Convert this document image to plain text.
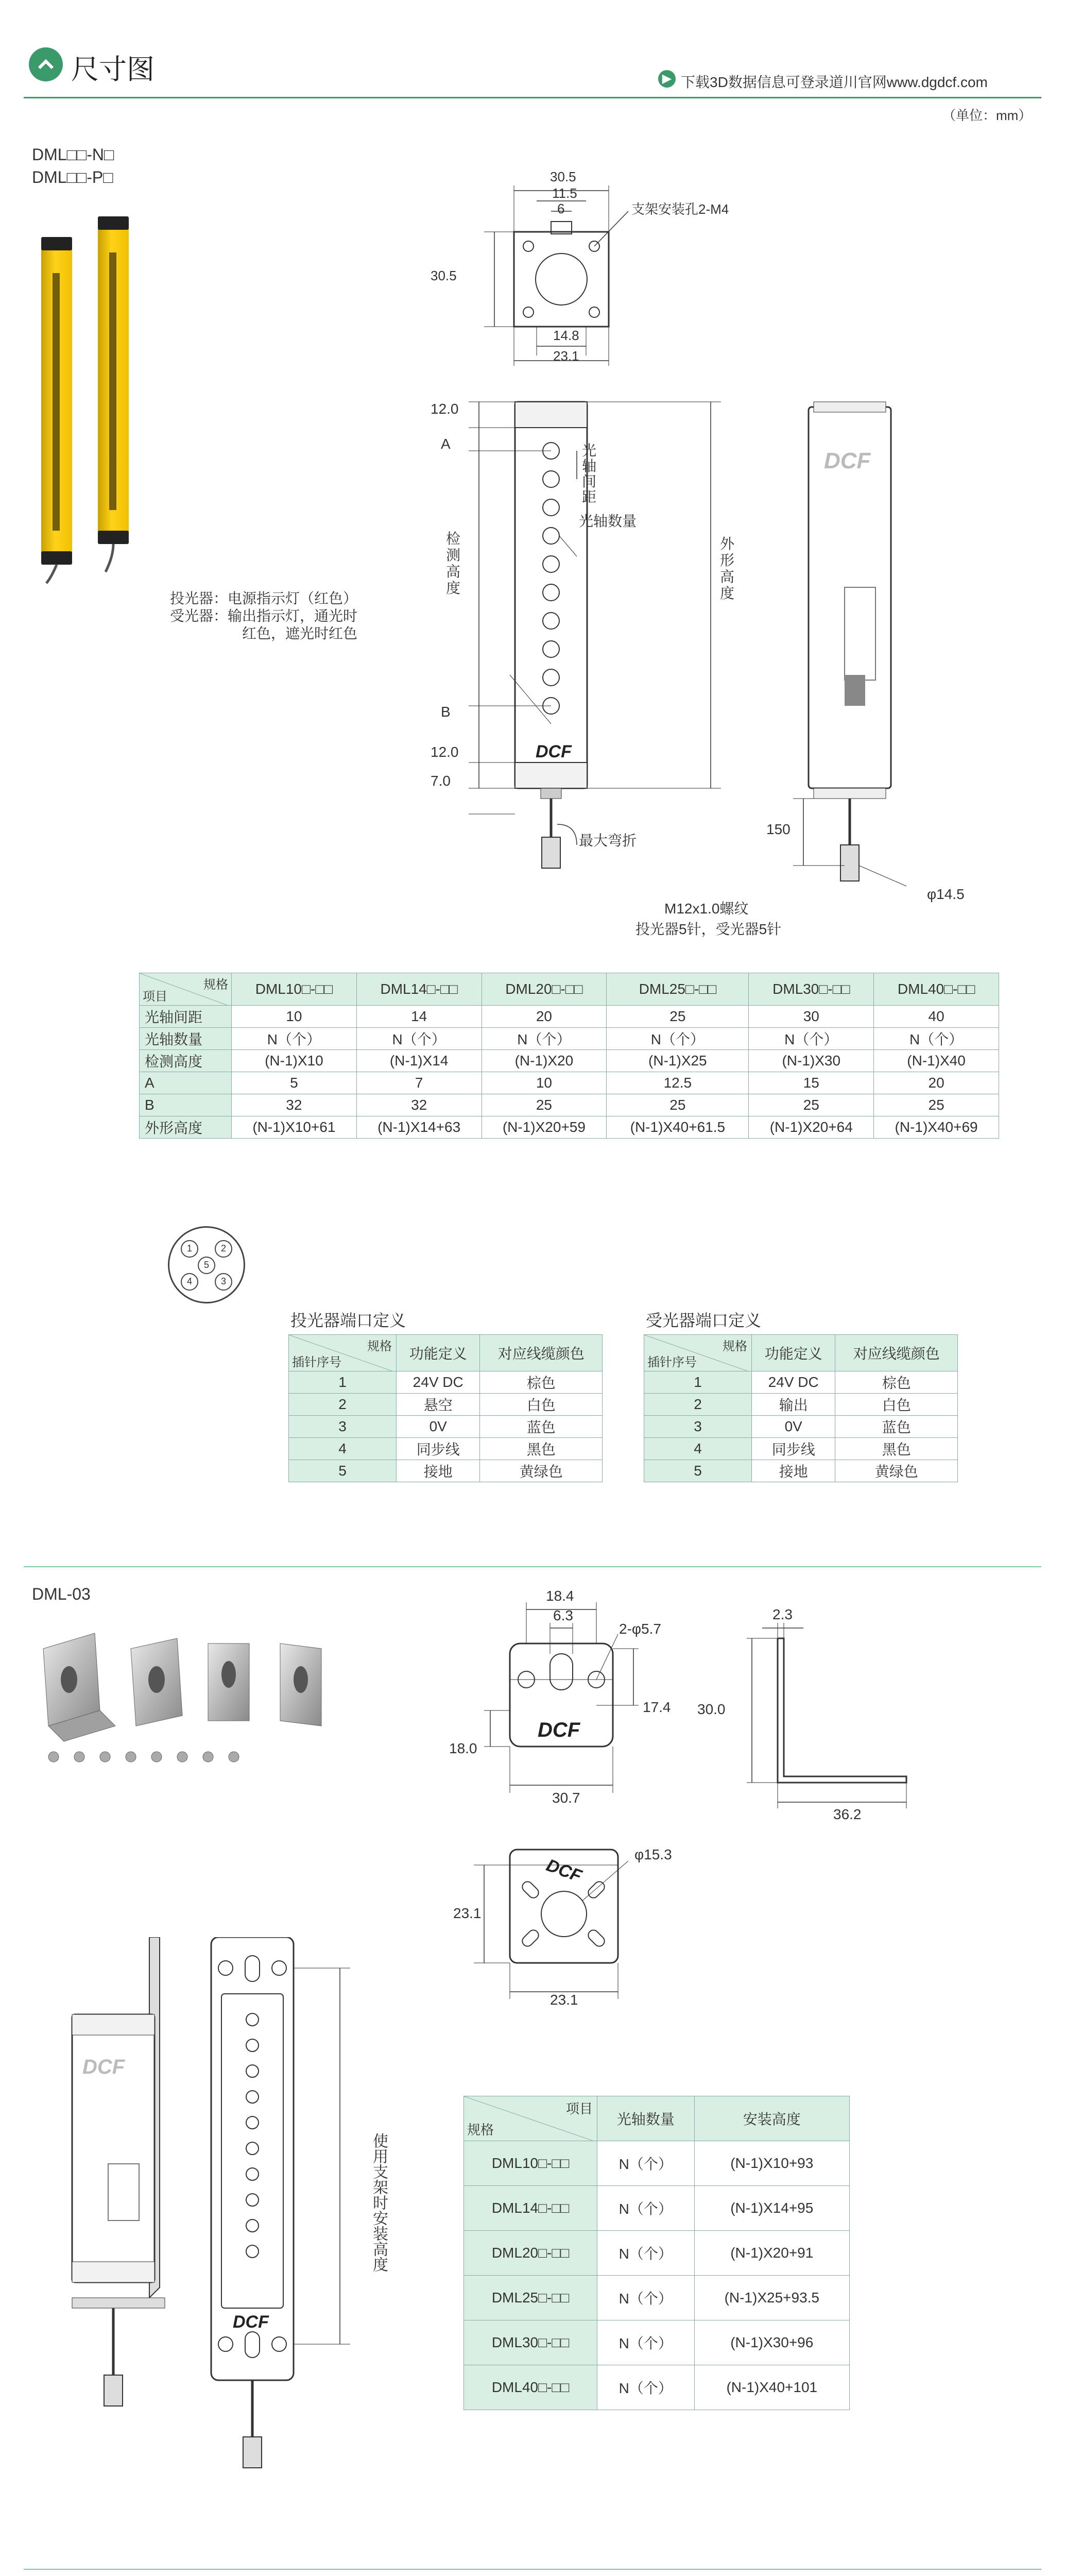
尺寸图	▶ 下载3D数据信息可登录道川官网www.dgdcf.com
（单位：mm）
DML□□-N□
DML□□-P□	30.5
11.5
6
30.5
支架安装孔2-M4
14.8
23.1
12.0
A
检测高度
B
12.0
7.0
光轴间距
光轴数量
外形高度
最大弯折
DCF
投光器：电源指示灯（红色）
受光器：输出指示灯，通光时
红色，遮光时红色
DCF
150
φ14.5
M12x1.0螺纹
投光器5针，受光器5针
规格
项目	DML10□-□□	DML14□-□□	DML20□-□□	DML25□-□□	DML30□-□□	DML40□-□□
光轴间距	10	14	20	25	30	40
光轴数量	N（个）	N（个）	N（个）	N（个）	N（个）	N（个）
检测高度	(N-1)X10	(N-1)X14	(N-1)X20	(N-1)X25	(N-1)X30	(N-1)X40
A	5	7	10	12.5	15	20
B	32	32	25	25	25	25
外形高度	(N-1)X10+61	(N-1)X14+63	(N-1)X20+59	(N-1)X40+61.5	(N-1)X20+64	(N-1)X40+69
1	2
5
4	3
投光器端口定义
规格
插针序号	功能定义	对应线缆颜色
1	24V DC	棕色
2	悬空	白色
3	0V	蓝色
4	同步线	黑色
5	接地	黄绿色
受光器端口定义
规格
插针序号	功能定义	对应线缆颜色
1	24V DC	棕色
2	输出	白色
3	0V	蓝色
4	同步线	黑色
5	接地	黄绿色
DML-03	18.4
6.3
2-φ5.7
17.4
18.0
30.7
DCF
2.3
30.0
36.2
DCF
φ15.3
23.1
23.1
DCF
DCF
使用支架时安装高度
项目
规格	光轴数量	安装高度
DML10□-□□	N（个）	(N-1)X10+93
DML14□-□□	N（个）	(N-1)X14+95
DML20□-□□	N（个）	(N-1)X20+91
DML25□-□□	N（个）	(N-1)X25+93.5
DML30□-□□	N（个）	(N-1)X30+96
DML40□-□□	N（个）	(N-1)X40+101
